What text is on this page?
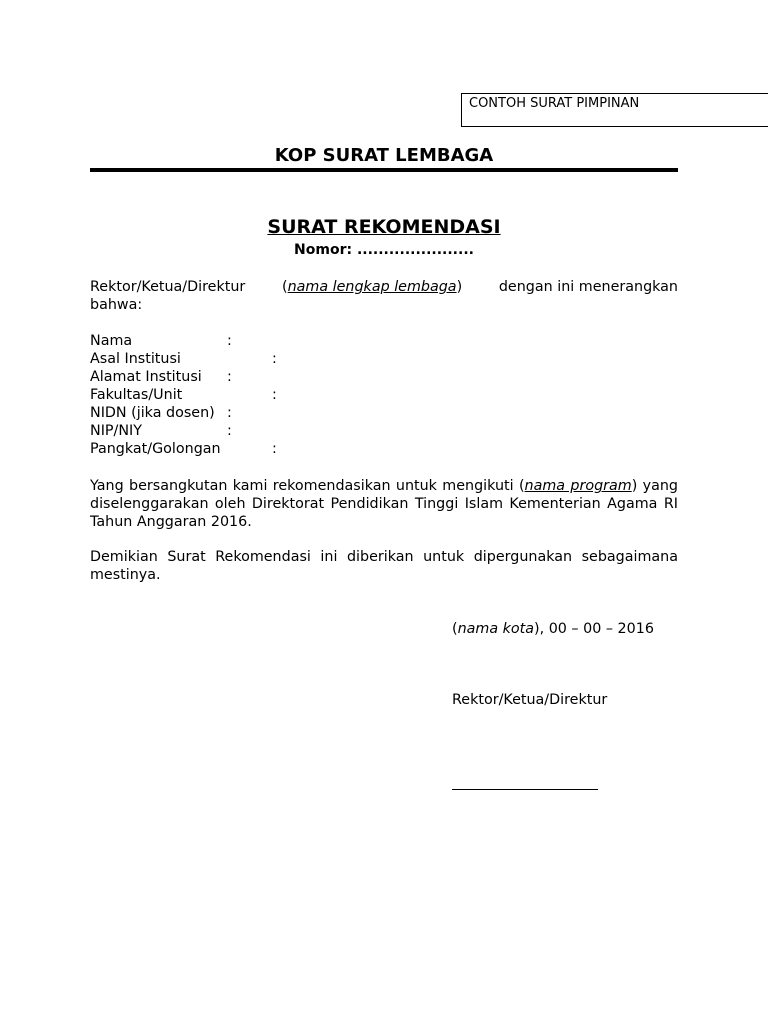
CONTOH SURAT PIMPINAN
KOP SURAT LEMBAGA
SURAT REKOMENDASI
Nomor: ......................
Rektor/Ketua/Direktur	(nama lengkap lembaga)	dengan ini menerangkan
bahwa:
Nama	:
Asal Institusi	:
Alamat Institusi :
Fakultas/Unit	:
NIDN (jika dosen) :
NIP/NIY	:
Pangkat/Golongan	:
Yang bersangkutan kami rekomendasikan untuk mengikuti (nama program) yang diselenggarakan oleh Direktorat Pendidikan Tinggi Islam Kementerian Agama RI Tahun Anggaran 2016.
Demikian Surat Rekomendasi ini diberikan untuk dipergunakan sebagaimana mestinya.
(nama kota), 00 – 00 – 2016
Rektor/Ketua/Direktur
